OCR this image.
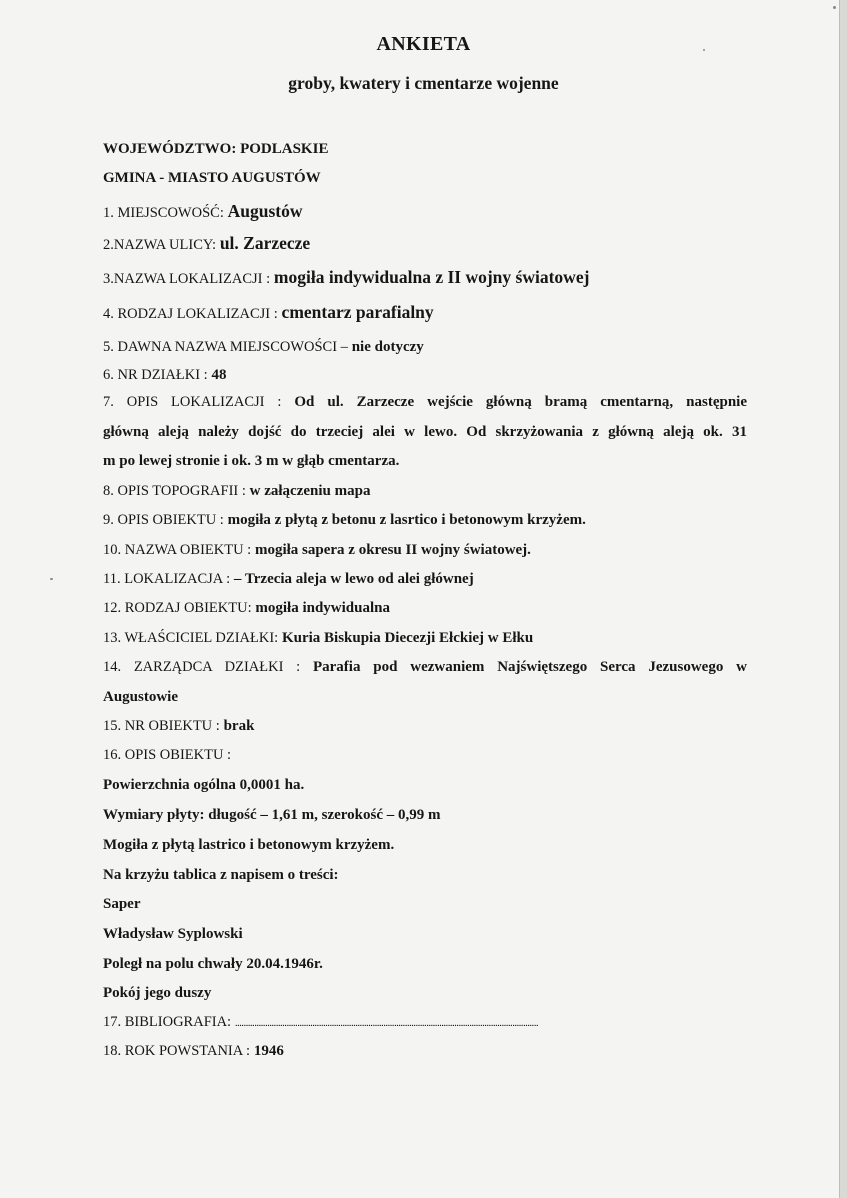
ANKIETA
groby, kwatery i cmentarze wojenne
WOJEWÓDZTWO: PODLASKIE
GMINA - MIASTO AUGUSTÓW
1. MIEJSCOWOŚĆ: Augustów
2.NAZWA ULICY: ul. Zarzecze
3.NAZWA LOKALIZACJI : mogiła indywidualna z II wojny światowej
4. RODZAJ LOKALIZACJI : cmentarz parafialny
5. DAWNA NAZWA MIEJSCOWOŚCI – nie dotyczy
6. NR DZIAŁKI : 48
7. OPIS LOKALIZACJI : Od ul. Zarzecze wejście główną bramą cmentarną, następnie
główną aleją należy dojść do trzeciej alei w lewo. Od skrzyżowania z główną aleją ok. 31
m po lewej stronie i ok. 3 m w głąb cmentarza.
8. OPIS TOPOGRAFII : w załączeniu mapa
9. OPIS OBIEKTU : mogiła z płytą z betonu z lasrtico i betonowym krzyżem.
10. NAZWA OBIEKTU : mogiła sapera z okresu II wojny światowej.
11. LOKALIZACJA : – Trzecia aleja w lewo od alei głównej
12. RODZAJ OBIEKTU: mogiła indywidualna
13. WŁAŚCICIEL DZIAŁKI: Kuria Biskupia Diecezji Ełckiej w Ełku
14. ZARZĄDCA DZIAŁKI : Parafia pod wezwaniem Najświętszego Serca Jezusowego w
Augustowie
15. NR OBIEKTU : brak
16. OPIS OBIEKTU :
Powierzchnia ogólna 0,0001 ha.
Wymiary płyty: długość – 1,61 m, szerokość – 0,99 m
Mogiła z płytą lastrico i betonowym krzyżem.
Na krzyżu tablica z napisem o treści:
Saper
Władysław Syplowski
Poległ na polu chwały 20.04.1946r.
Pokój jego duszy
17. BIBLIOGRAFIA: .............................................................................................................................................
18. ROK POWSTANIA : 1946
